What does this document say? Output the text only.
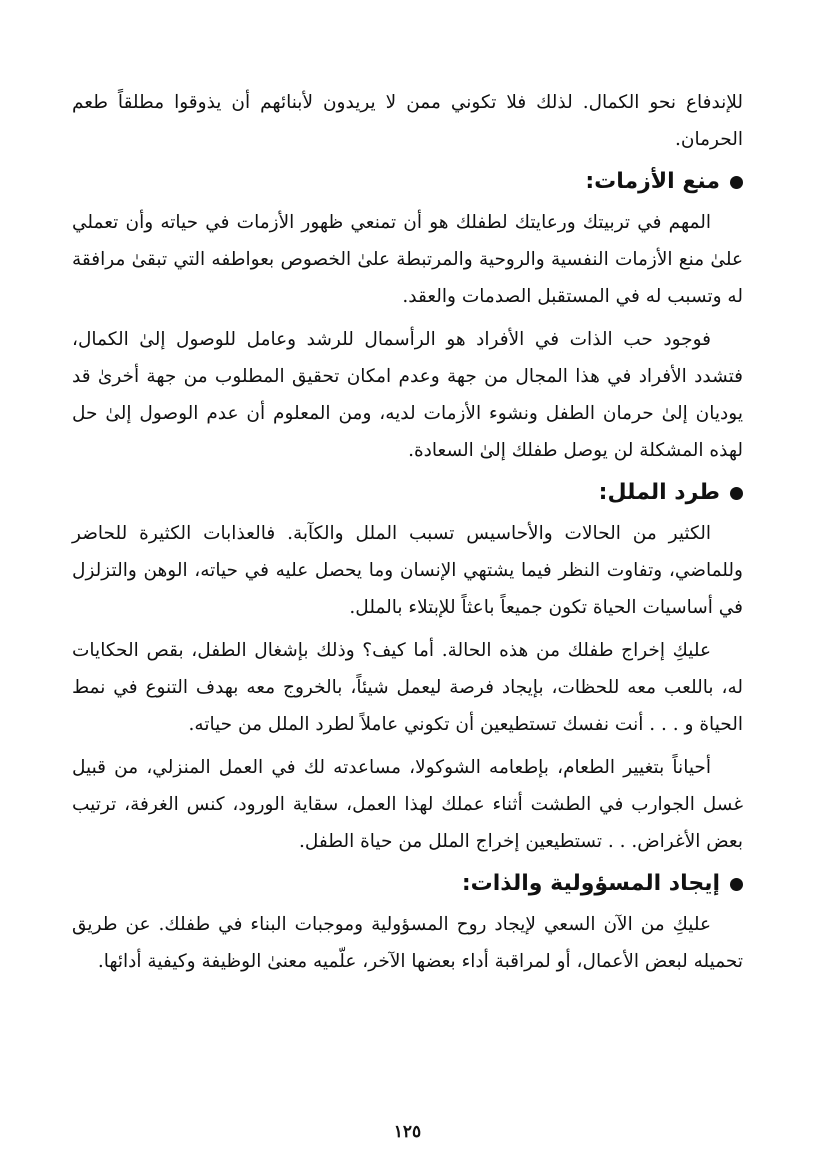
للإندفاع نحو الكمال. لذلك فلا تكوني ممن لا يريدون لأبنائهم أن يذوقوا مطلقاً طعم الحرمان.

منع الأزمات:

المهم في تربيتك ورعايتك لطفلك هو أن تمنعي ظهور الأزمات في حياته وأن تعملي علىٰ منع الأزمات النفسية والروحية والمرتبطة علىٰ الخصوص بعواطفه التي تبقىٰ مرافقة له وتسبب له في المستقبل الصدمات والعقد.

فوجود حب الذات في الأفراد هو الرأسمال للرشد وعامل للوصول إلىٰ الكمال، فتشدد الأفراد في هذا المجال من جهة وعدم امكان تحقيق المطلوب من جهة أخرىٰ قد يوديان إلىٰ حرمان الطفل ونشوء الأزمات لديه، ومن المعلوم أن عدم الوصول إلىٰ حل لهذه المشكلة لن يوصل طفلك إلىٰ السعادة.

طرد الملل:

الكثير من الحالات والأحاسيس تسبب الملل والكآبة. فالعذابات الكثيرة للحاضر وللماضي، وتفاوت النظر فيما يشتهي الإنسان وما يحصل عليه في حياته، الوهن والتزلزل في أساسيات الحياة تكون جميعاً باعثاً للإبتلاء بالملل.

عليكِ إخراج طفلك من هذه الحالة. أما كيف؟ وذلك بإشغال الطفل، بقص الحكايات له، باللعب معه للحظات، بإيجاد فرصة ليعمل شيئاً، بالخروج معه بهدف التنوع في نمط الحياة و . . . أنت نفسك تستطيعين أن تكوني عاملاً لطرد الملل من حياته.

أحياناً بتغيير الطعام، بإطعامه الشوكولا، مساعدته لك في العمل المنزلي، من قبيل غسل الجوارب في الطشت أثناء عملك لهذا العمل، سقاية الورود، كنس الغرفة، ترتيب بعض الأغراض. . . تستطيعين إخراج الملل من حياة الطفل.

إيجاد المسؤولية والذات:

عليكِ من الآن السعي لإيجاد روح المسؤولية وموجبات البناء في طفلك. عن طريق تحميله لبعض الأعمال، أو لمراقبة أداء بعضها الآخر، علّميه معنىٰ الوظيفة وكيفية أدائها.

١٢٥
